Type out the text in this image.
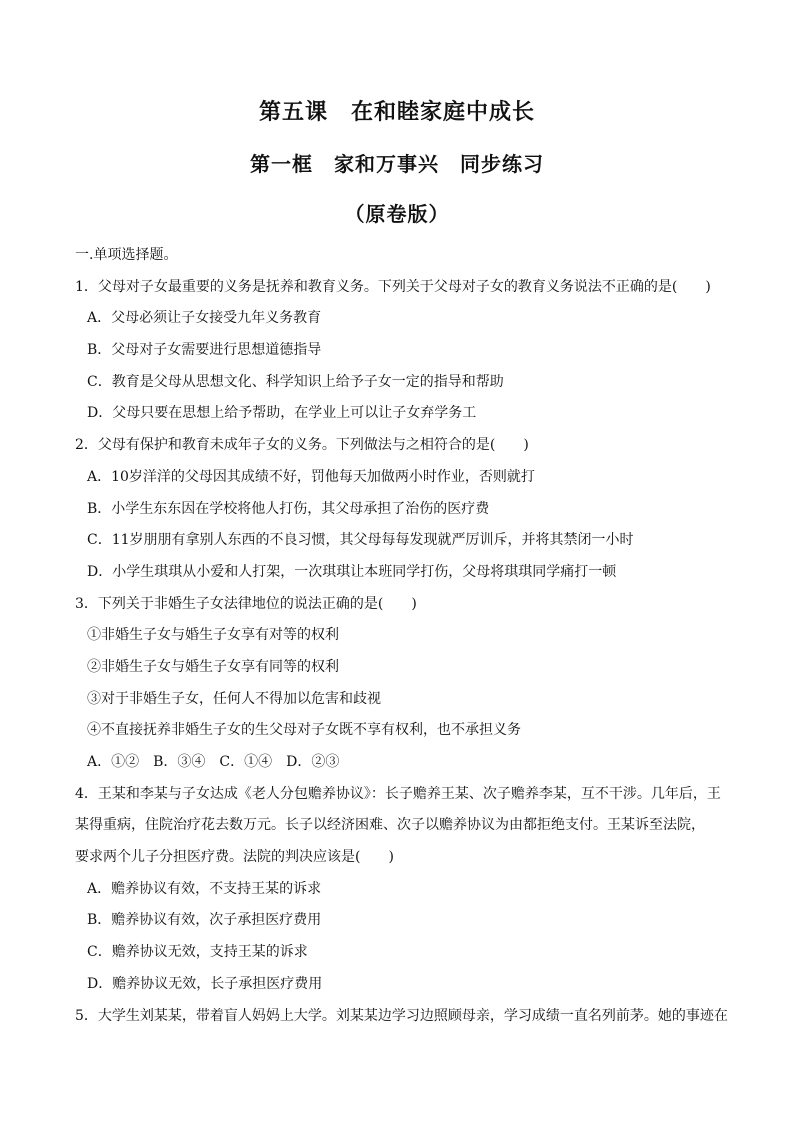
第五课　在和睦家庭中成长
第一框　家和万事兴　同步练习
（原卷版）
一.单项选择题。
1．父母对子女最重要的义务是抚养和教育义务。下列关于父母对子女的教育义务说法不正确的是(　　)
A．父母必须让子女接受九年义务教育
B．父母对子女需要进行思想道德指导
C．教育是父母从思想文化、科学知识上给予子女一定的指导和帮助
D．父母只要在思想上给予帮助，在学业上可以让子女弃学务工
2．父母有保护和教育未成年子女的义务。下列做法与之相符合的是(　　)
A．10岁洋洋的父母因其成绩不好，罚他每天加做两小时作业，否则就打
B．小学生东东因在学校将他人打伤，其父母承担了治伤的医疗费
C．11岁朋朋有拿别人东西的不良习惯，其父母每每发现就严厉训斥，并将其禁闭一小时
D．小学生琪琪从小爱和人打架，一次琪琪让本班同学打伤，父母将琪琪同学痛打一顿
3．下列关于非婚生子女法律地位的说法正确的是(　　)
①非婚生子女与婚生子女享有对等的权利
②非婚生子女与婚生子女享有同等的权利
③对于非婚生子女，任何人不得加以危害和歧视
④不直接抚养非婚生子女的生父母对子女既不享有权利，也不承担义务
A．①②　B．③④　C．①④　D．②③
4．王某和李某与子女达成《老人分包赡养协议》：长子赡养王某、次子赡养李某，互不干涉。几年后，王
某得重病，住院治疗花去数万元。长子以经济困难、次子以赡养协议为由都拒绝支付。王某诉至法院，
要求两个儿子分担医疗费。法院的判决应该是(　　)
A．赡养协议有效，不支持王某的诉求
B．赡养协议有效，次子承担医疗费用
C．赡养协议无效，支持王某的诉求
D．赡养协议无效，长子承担医疗费用
5．大学生刘某某，带着盲人妈妈上大学。刘某某边学习边照顾母亲，学习成绩一直名列前茅。她的事迹在
